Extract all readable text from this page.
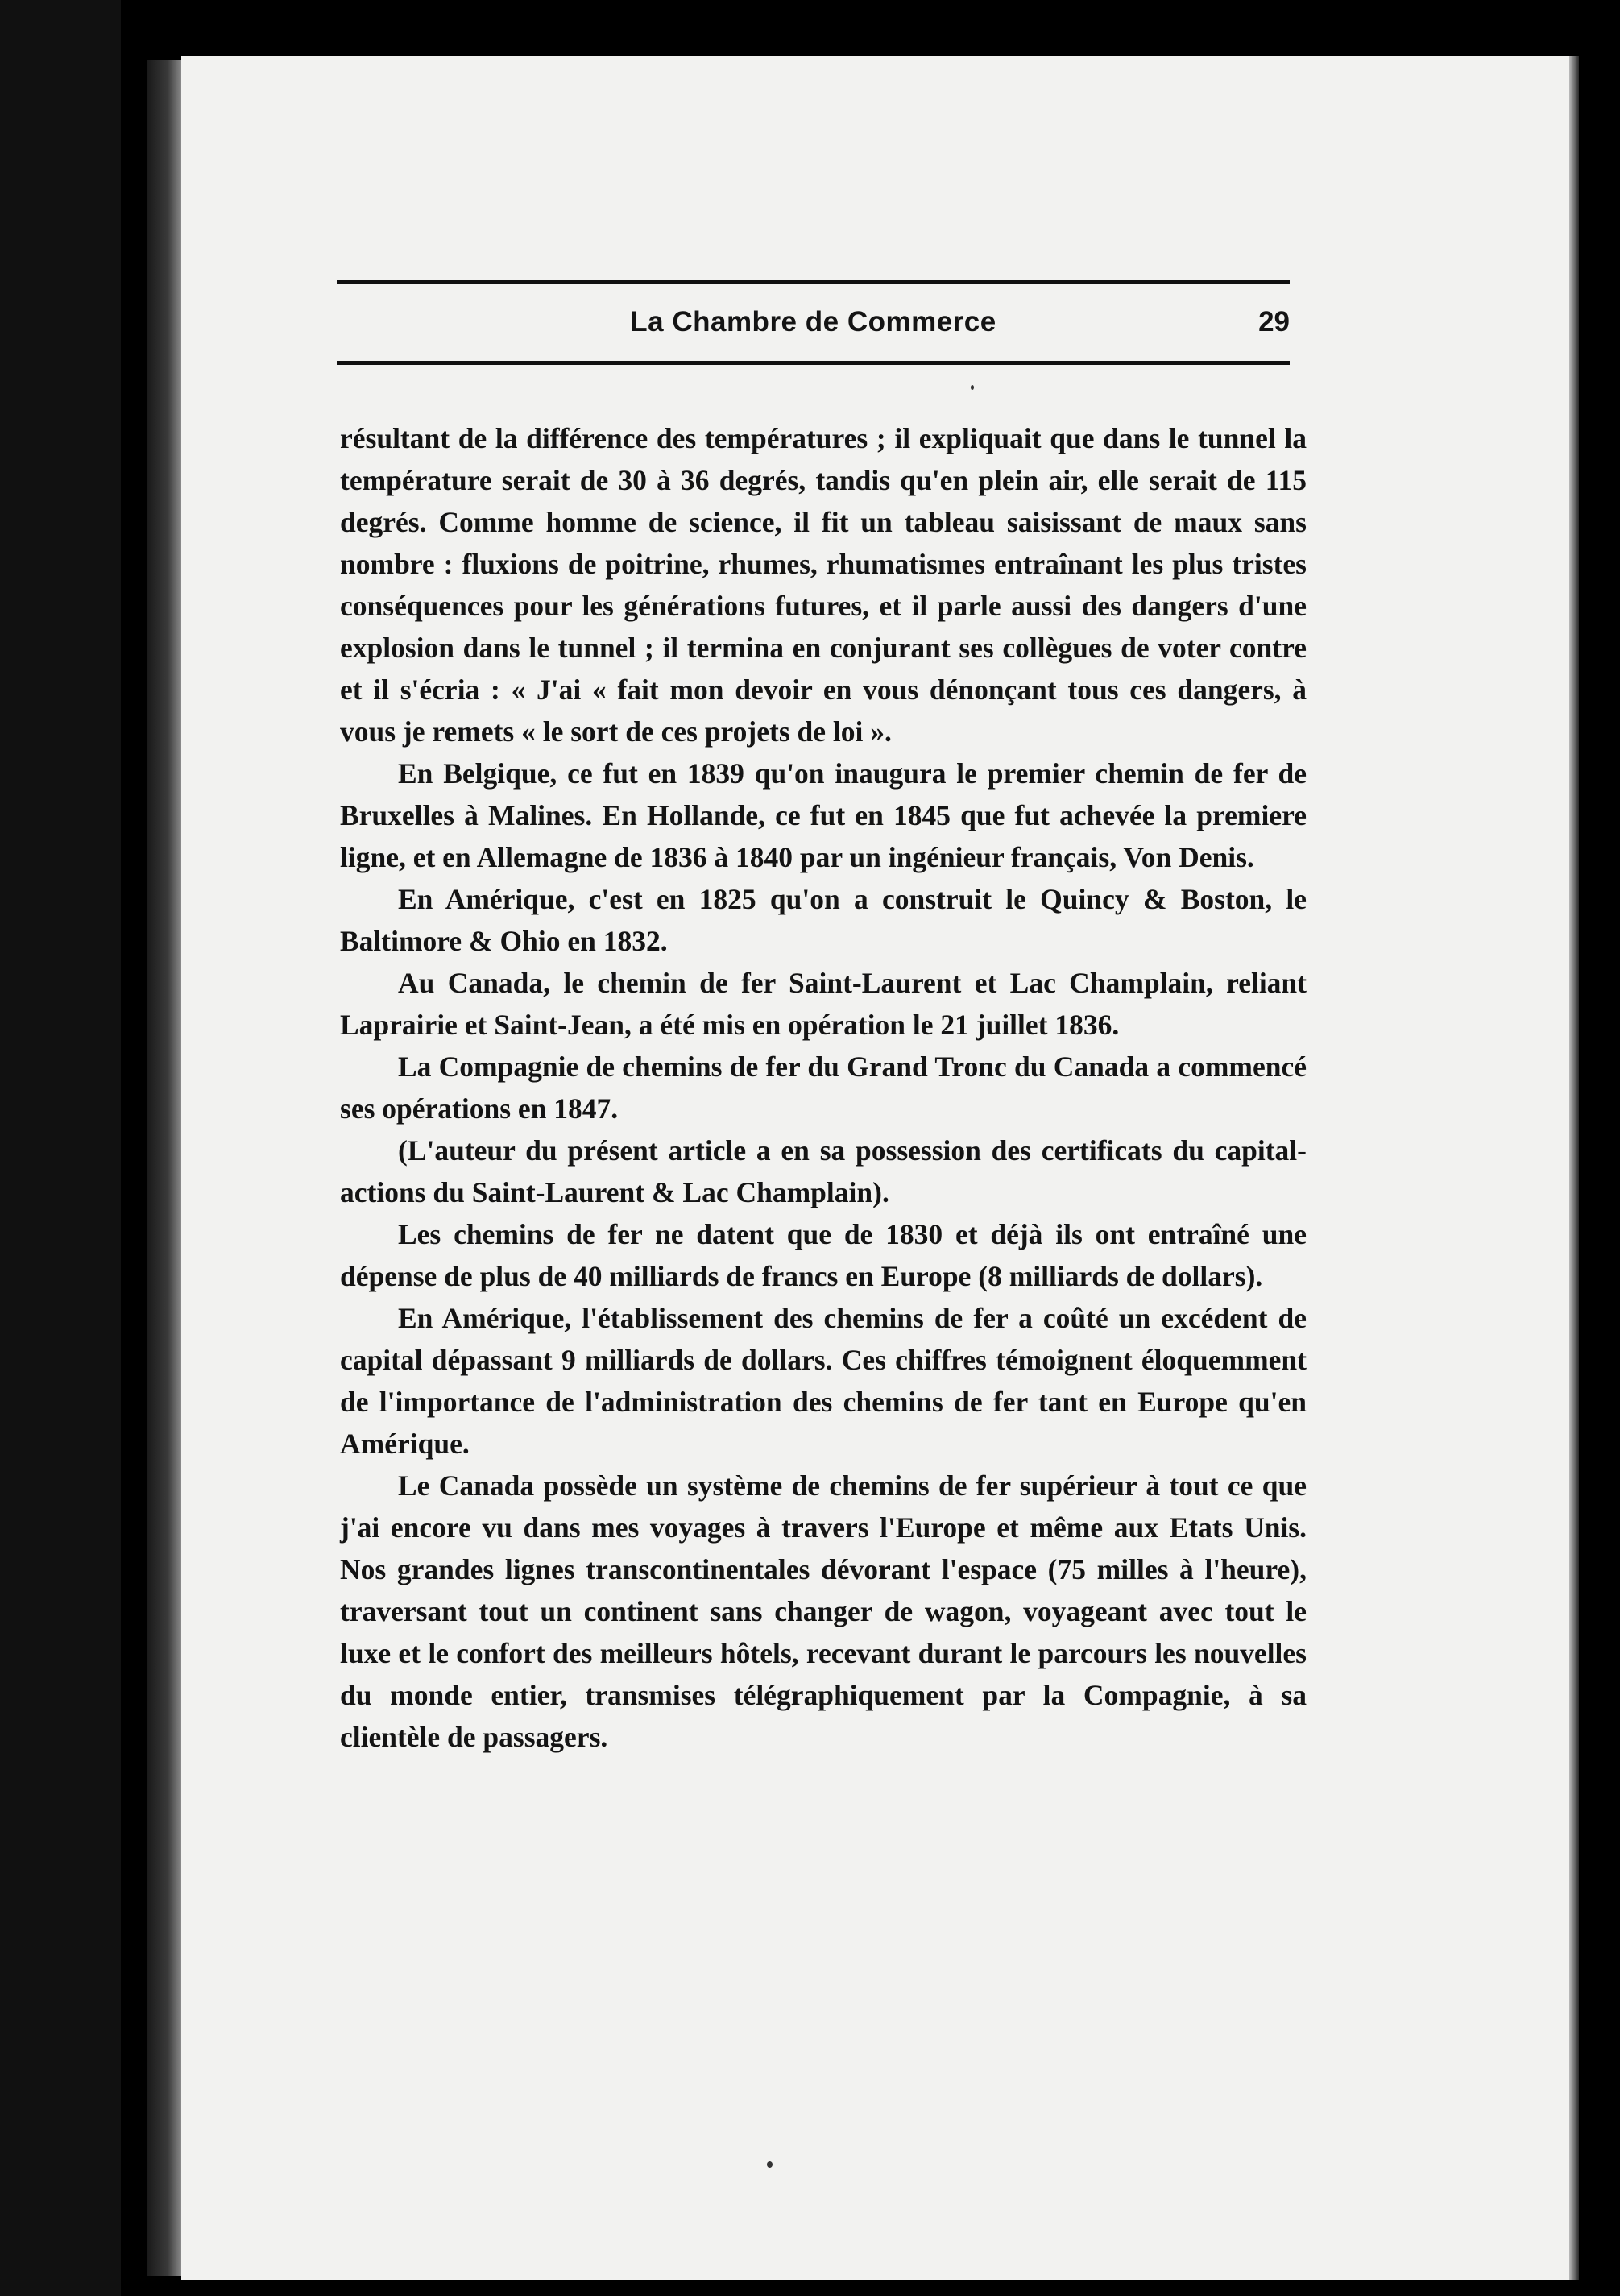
La Chambre de Commerce	29

résultant de la différence des températures ; il expliquait que dans le tunnel la température serait de 30 à 36 degrés, tandis qu'en plein air, elle serait de 115 degrés. Comme homme de science, il fit un tableau saisissant de maux sans nombre : fluxions de poitrine, rhumes, rhumatismes entraînant les plus tristes conséquences pour les générations futures, et il parle aussi des dangers d'une explosion dans le tunnel ; il termina en conjurant ses collègues de voter contre et il s'écria : « J'ai « fait mon devoir en vous dénonçant tous ces dangers, à vous je remets « le sort de ces projets de loi ».

En Belgique, ce fut en 1839 qu'on inaugura le premier chemin de fer de Bruxelles à Malines. En Hollande, ce fut en 1845 que fut achevée la premiere ligne, et en Allemagne de 1836 à 1840 par un ingénieur français, Von Denis.

En Amérique, c'est en 1825 qu'on a construit le Quincy & Boston, le Baltimore & Ohio en 1832.

Au Canada, le chemin de fer Saint-Laurent et Lac Champlain, reliant Laprairie et Saint-Jean, a été mis en opération le 21 juillet 1836.

La Compagnie de chemins de fer du Grand Tronc du Canada a commencé ses opérations en 1847.

(L'auteur du présent article a en sa possession des certificats du capital-actions du Saint-Laurent & Lac Champlain).

Les chemins de fer ne datent que de 1830 et déjà ils ont entraîné une dépense de plus de 40 milliards de francs en Europe (8 milliards de dollars).

En Amérique, l'établissement des chemins de fer a coûté un excédent de capital dépassant 9 milliards de dollars. Ces chiffres témoignent éloquemment de l'importance de l'administration des chemins de fer tant en Europe qu'en Amérique.

Le Canada possède un système de chemins de fer supérieur à tout ce que j'ai encore vu dans mes voyages à travers l'Europe et même aux Etats Unis. Nos grandes lignes transcontinentales dévorant l'espace (75 milles à l'heure), traversant tout un continent sans changer de wagon, voyageant avec tout le luxe et le confort des meilleurs hôtels, recevant durant le parcours les nouvelles du monde entier, transmises télégraphiquement par la Compagnie, à sa clientèle de passagers.
